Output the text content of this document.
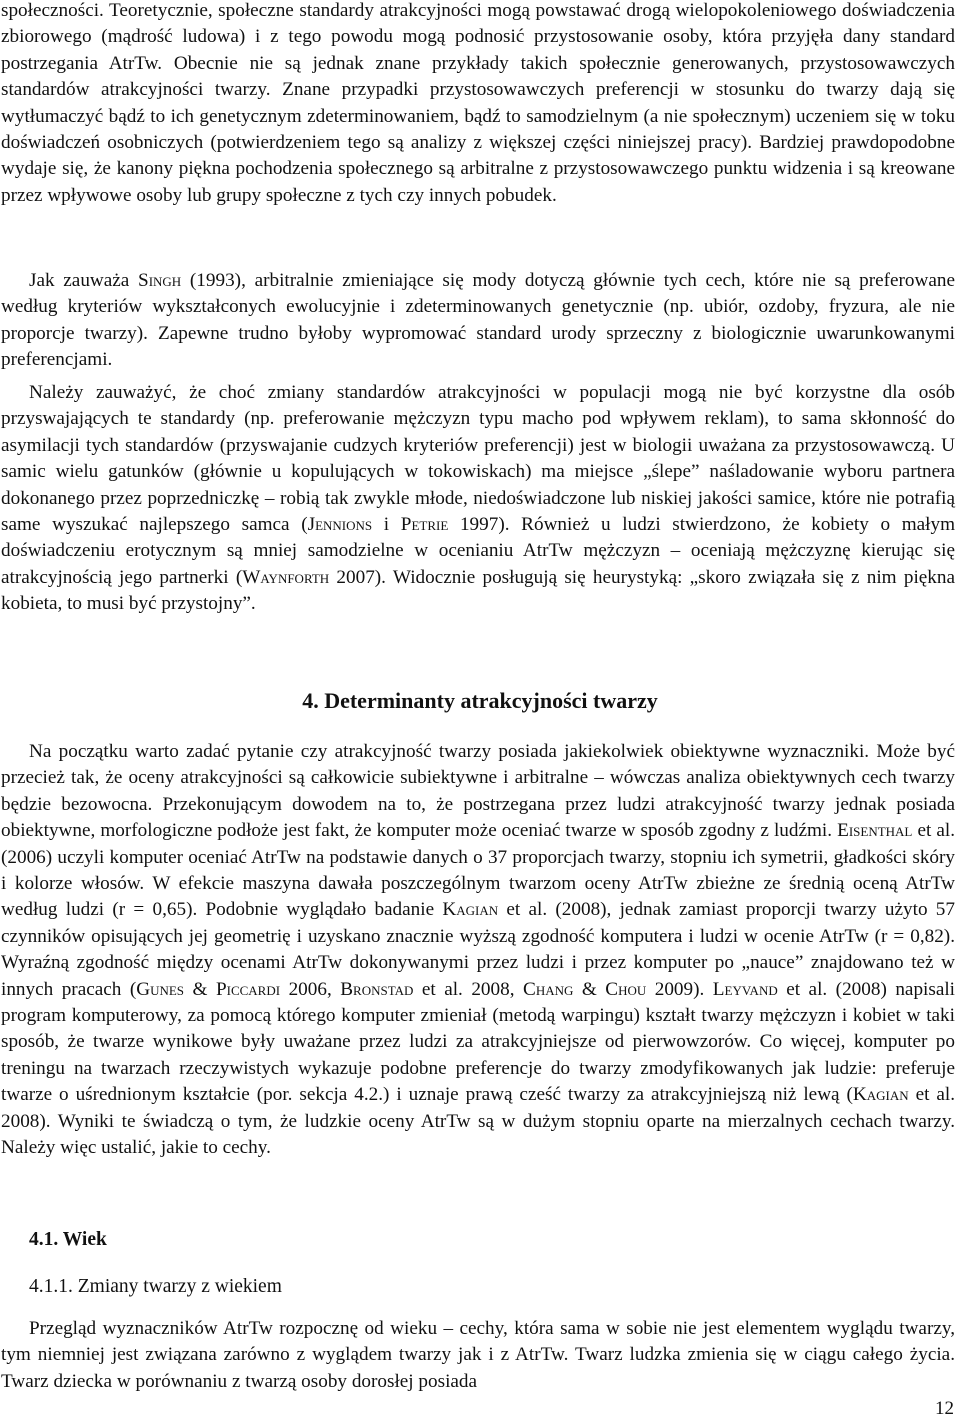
społeczności. Teoretycznie, społeczne standardy atrakcyjności mogą powstawać drogą wielopokoleniowego doświadczenia zbiorowego (mądrość ludowa) i z tego powodu mogą podnosić przystosowanie osoby, która przyjęła dany standard postrzegania AtrTw. Obecnie nie są jednak znane przykłady takich społecznie generowanych, przystosowawczych standardów atrakcyjności twarzy. Znane przypadki przystosowawczych preferencji w stosunku do twarzy dają się wytłumaczyć bądź to ich genetycznym zdeterminowaniem, bądź to samodzielnym (a nie społecznym) uczeniem się w toku doświadczeń osobniczych (potwierdzeniem tego są analizy z większej części niniejszej pracy). Bardziej prawdopodobne wydaje się, że kanony piękna pochodzenia społecznego są arbitralne z przystosowawczego punktu widzenia i są kreowane przez wpływowe osoby lub grupy społeczne z tych czy innych pobudek.

Jak zauważa Singh (1993), arbitralnie zmieniające się mody dotyczą głównie tych cech, które nie są preferowane według kryteriów wykształconych ewolucyjnie i zdeterminowanych genetycznie (np. ubiór, ozdoby, fryzura, ale nie proporcje twarzy). Zapewne trudno byłoby wypromować standard urody sprzeczny z biologicznie uwarunkowanymi preferencjami.

Należy zauważyć, że choć zmiany standardów atrakcyjności w populacji mogą nie być korzystne dla osób przyswajających te standardy (np. preferowanie mężczyzn typu macho pod wpływem reklam), to sama skłonność do asymilacji tych standardów (przyswajanie cudzych kryteriów preferencji) jest w biologii uważana za przystosowawczą. U samic wielu gatunków (głównie u kopulujących w tokowiskach) ma miejsce „ślepe” naśladowanie wyboru partnera dokonanego przez poprzedniczkę – robią tak zwykle młode, niedoświadczone lub niskiej jakości samice, które nie potrafią same wyszukać najlepszego samca (Jennions i Petrie 1997). Również u ludzi stwierdzono, że kobiety o małym doświadczeniu erotycznym są mniej samodzielne w ocenianiu AtrTw mężczyzn – oceniają mężczyznę kierując się atrakcyjnością jego partnerki (Waynforth 2007). Widocznie posługują się heurystyką: „skoro związała się z nim piękna kobieta, to musi być przystojny”.

4. Determinanty atrakcyjności twarzy

Na początku warto zadać pytanie czy atrakcyjność twarzy posiada jakiekolwiek obiektywne wyznaczniki. Może być przecież tak, że oceny atrakcyjności są całkowicie subiektywne i arbitralne – wówczas analiza obiektywnych cech twarzy będzie bezowocna. Przekonującym dowodem na to, że postrzegana przez ludzi atrakcyjność twarzy jednak posiada obiektywne, morfologiczne podłoże jest fakt, że komputer może oceniać twarze w sposób zgodny z ludźmi. Eisenthal et al. (2006) uczyli komputer oceniać AtrTw na podstawie danych o 37 proporcjach twarzy, stopniu ich symetrii, gładkości skóry i kolorze włosów. W efekcie maszyna dawała poszczególnym twarzom oceny AtrTw zbieżne ze średnią oceną AtrTw według ludzi (r = 0,65). Podobnie wyglądało badanie Kagian et al. (2008), jednak zamiast proporcji twarzy użyto 57 czynników opisujących jej geometrię i uzyskano znacznie wyższą zgodność komputera i ludzi w ocenie AtrTw (r = 0,82). Wyraźną zgodność między ocenami AtrTw dokonywanymi przez ludzi i przez komputer po „nauce” znajdowano też w innych pracach (Gunes & Piccardi 2006, Bronstad et al. 2008, Chang & Chou 2009). Leyvand et al. (2008) napisali program komputerowy, za pomocą którego komputer zmieniał (metodą warpingu) kształt twarzy mężczyzn i kobiet w taki sposób, że twarze wynikowe były uważane przez ludzi za atrakcyjniejsze od pierwowzorów. Co więcej, komputer po treningu na twarzach rzeczywistych wykazuje podobne preferencje do twarzy zmodyfikowanych jak ludzie: preferuje twarze o uśrednionym kształcie (por. sekcja 4.2.) i uznaje prawą cześć twarzy za atrakcyjniejszą niż lewą (Kagian et al. 2008). Wyniki te świadczą o tym, że ludzkie oceny AtrTw są w dużym stopniu oparte na mierzalnych cechach twarzy. Należy więc ustalić, jakie to cechy.

4.1. Wiek
4.1.1. Zmiany twarzy z wiekiem

Przegląd wyznaczników AtrTw rozpocznę od wieku – cechy, która sama w sobie nie jest elementem wyglądu twarzy, tym niemniej jest związana zarówno z wyglądem twarzy jak i z AtrTw. Twarz ludzka zmienia się w ciągu całego życia. Twarz dziecka w porównaniu z twarzą osoby dorosłej posiada

12
